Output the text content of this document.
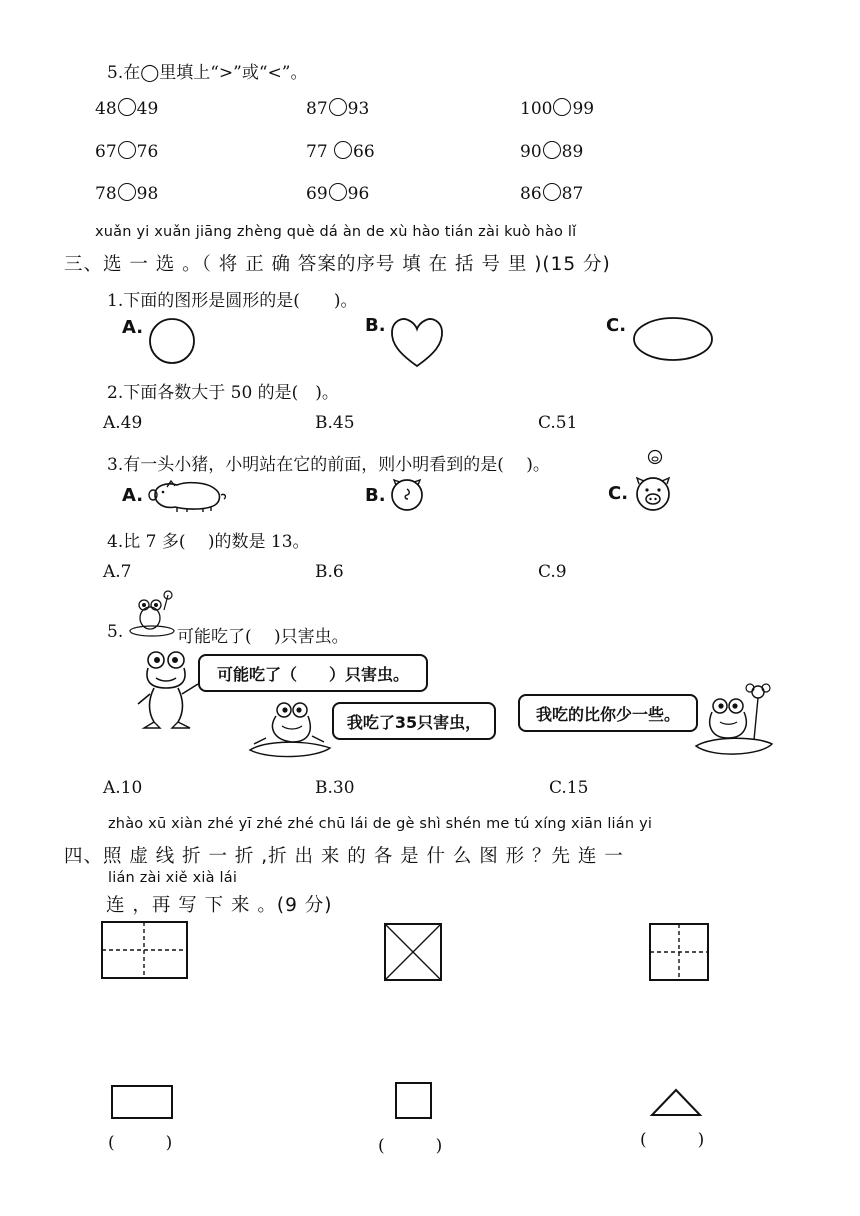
5.在◯里填上“>”或“<”。
48 49	87 93	100 99
67 76	77 66	90 89
78 98	69 96	86 87
xuǎn yi xuǎn jiāng zhèng què dá àn de xù hào tián zài kuò hào lǐ
三、选 一 选 。（ 将 正 确 答案的序号 填 在 括 号 里 )(15 分)
1.下面的图形是圆形的是(　　)。
A.	B.	C.
2.下面各数大于 50 的是(　)。
A.49	B.45	C.51
3.有一头小猪，小明站在它的前面，则小明看到的是(　 )。
A.	B.	C.
4.比 7 多(　 )的数是 13。
A.7	B.6	C.9
5.	可能吃了(　 )只害虫。
可能吃了（　　）只害虫。
我吃了35只害虫，	我吃的比你少一些。
A.10	B.30	C.15
zhào xū xiàn zhé yī zhé zhé chū lái de gè shì shén me tú xíng xiān lián yi
四、照 虚 线 折 一 折 ,折 出 来 的 各 是 什 么 图 形 ？先 连 一
lián zài xiě xià lái
连 ，再 写 下 来 。(9 分)
(　　　)	(　　　)	(　　　)
